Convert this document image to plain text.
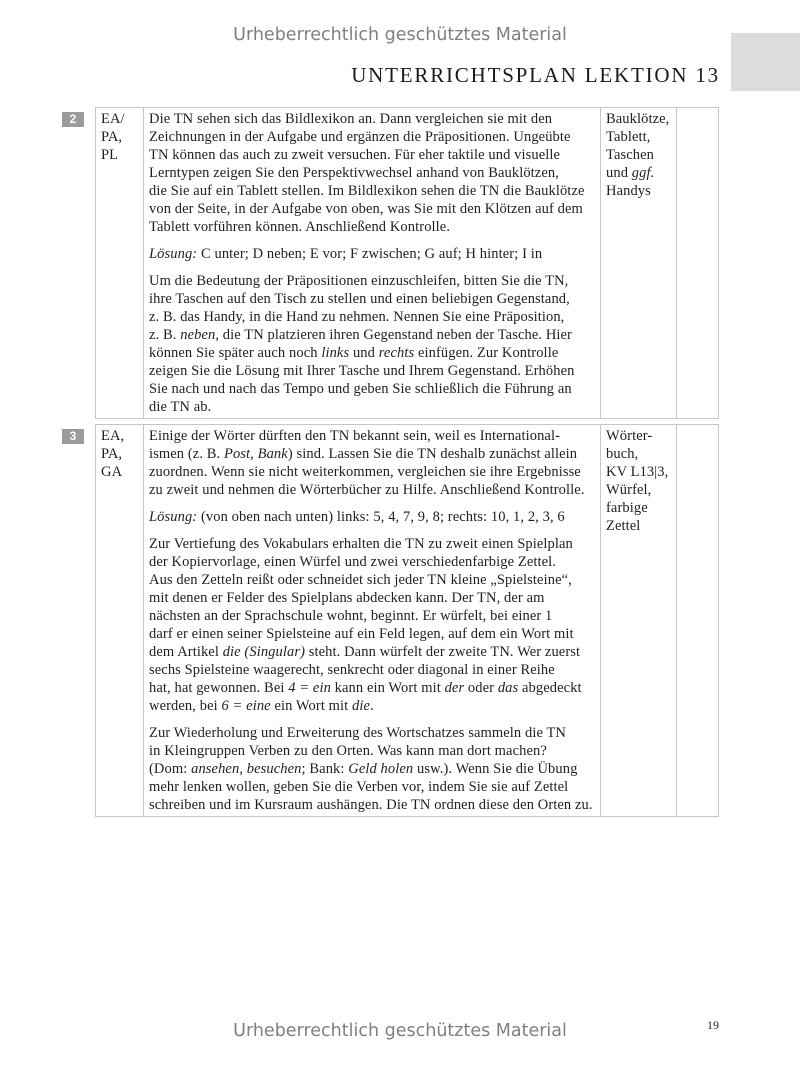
Urheberrechtlich geschütztes Material
UNTERRICHTSPLAN LEKTION 13
2	EA/
PA,
PL
Die TN sehen sich das Bildlexikon an. Dann vergleichen sie mit den
Zeichnungen in der Aufgabe und ergänzen die Präpositionen. Ungeübte
TN können das auch zu zweit versuchen. Für eher taktile und visuelle
Lerntypen zeigen Sie den Perspektivwechsel anhand von Bauklötzen,
die Sie auf ein Tablett stellen. Im Bildlexikon sehen die TN die Bauklötze
von der Seite, in der Aufgabe von oben, was Sie mit den Klötzen auf dem
Tablett vorführen können. Anschließend Kontrolle.
Lösung: C unter; D neben; E vor; F zwischen; G auf; H hinter; I in
Um die Bedeutung der Präpositionen einzuschleifen, bitten Sie die TN,
ihre Taschen auf den Tisch zu stellen und einen beliebigen Gegenstand,
z. B. das Handy, in die Hand zu nehmen. Nennen Sie eine Präposition,
z. B. neben, die TN platzieren ihren Gegenstand neben der Tasche. Hier
können Sie später auch noch links und rechts einfügen. Zur Kontrolle
zeigen Sie die Lösung mit Ihrer Tasche und Ihrem Gegenstand. Erhöhen
Sie nach und nach das Tempo und geben Sie schließlich die Führung an
die TN ab.
Bauklötze,
Tablett,
Taschen
und ggf.
Handys
3	EA,
PA,
GA
Einige der Wörter dürften den TN bekannt sein, weil es International-
ismen (z. B. Post, Bank) sind. Lassen Sie die TN deshalb zunächst allein
zuordnen. Wenn sie nicht weiterkommen, vergleichen sie ihre Ergebnisse
zu zweit und nehmen die Wörterbücher zu Hilfe. Anschließend Kontrolle.
Lösung: (von oben nach unten) links: 5, 4, 7, 9, 8; rechts: 10, 1, 2, 3, 6
Zur Vertiefung des Vokabulars erhalten die TN zu zweit einen Spielplan
der Kopiervorlage, einen Würfel und zwei verschiedenfarbige Zettel.
Aus den Zetteln reißt oder schneidet sich jeder TN kleine „Spielsteine“,
mit denen er Felder des Spielplans abdecken kann. Der TN, der am
nächsten an der Sprachschule wohnt, beginnt. Er würfelt, bei einer 1
darf er einen seiner Spielsteine auf ein Feld legen, auf dem ein Wort mit
dem Artikel die (Singular) steht. Dann würfelt der zweite TN. Wer zuerst
sechs Spielsteine waagerecht, senkrecht oder diagonal in einer Reihe
hat, hat gewonnen. Bei 4 = ein kann ein Wort mit der oder das abgedeckt
werden, bei 6 = eine ein Wort mit die.
Zur Wiederholung und Erweiterung des Wortschatzes sammeln die TN
in Kleingruppen Verben zu den Orten. Was kann man dort machen?
(Dom: ansehen, besuchen; Bank: Geld holen usw.). Wenn Sie die Übung
mehr lenken wollen, geben Sie die Verben vor, indem Sie sie auf Zettel
schreiben und im Kursraum aushängen. Die TN ordnen diese den Orten zu.
Wörter-
buch,
KV L13|3,
Würfel,
farbige
Zettel
19
Urheberrechtlich geschütztes Material
